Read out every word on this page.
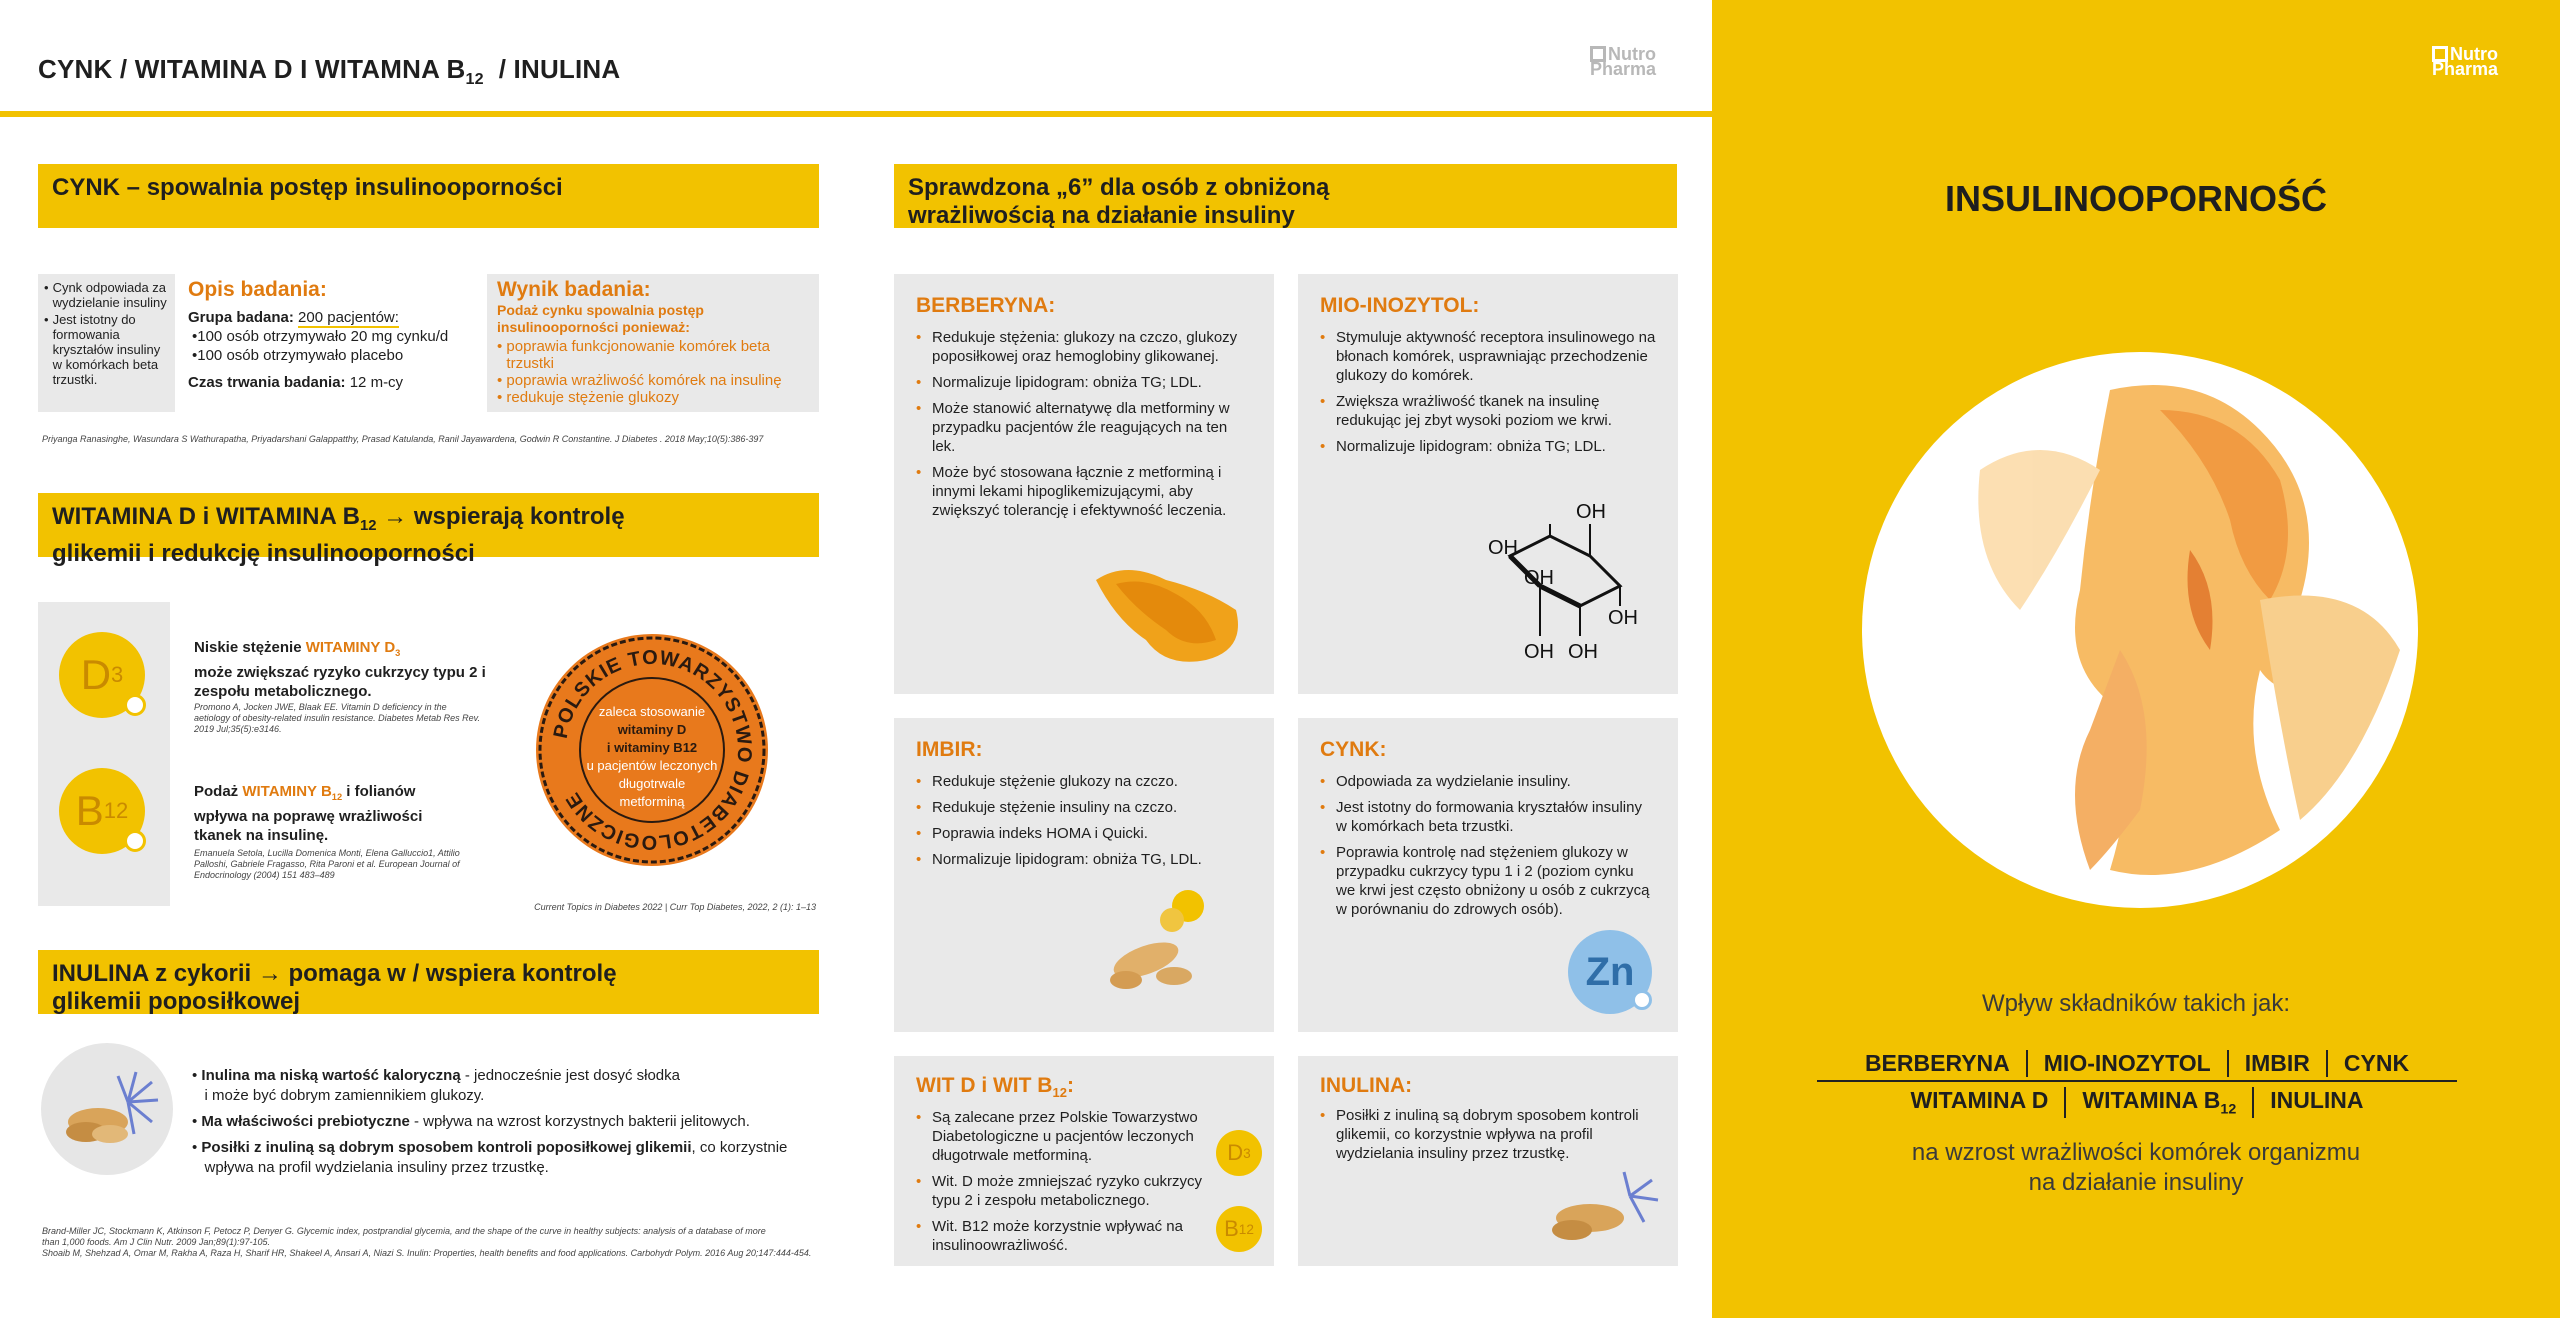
CYNK / WITAMINA D I WITAMNA $B_{12}$  / INULINA	Nutro
Pharma
CYNK – spowalnia postęp insulinooporności
• Cynk odpowiada za wydzielanie insuliny
• Jest istotny do formowania kryształów insuliny w komórkach beta trzustki.
Opis badania:
Grupa badana: 200 pacjentów:
•100 osób otrzymywało 20 mg cynku/d
•100 osób otrzymywało placebo
Czas trwania badania: 12 m-cy
Wynik badania:
Podaż cynku spowalnia postęp insulinooporności ponieważ:
• poprawia funkcjonowanie komórek beta trzustki
• poprawia wrażliwość komórek na insulinę
• redukuje stężenie glukozy
Priyanga Ranasinghe, Wasundara S Wathurapatha, Priyadarshani Galappatthy, Prasad Katulanda, Ranil Jayawardena, Godwin R Constantine. J Diabetes . 2018 May;10(5):386-397
WITAMINA D i WITAMINA $B_{12}$ → wspierają kontrolę
glikemii i redukcję insulinooporności
D 3
B 12
Niskie stężenie WITAMINY $D_3$
może zwiększać ryzyko cukrzycy typu 2 i zespołu metabolicznego.
Promono A, Jocken JWE, Blaak EE. Vitamin D deficiency in the aetiology of obesity-related insulin resistance. Diabetes Metab Res Rev. 2019 Jul;35(5):e3146.
Podaż WITAMINY $B_{12}$ i folianów wpływa na poprawę wrażliwości tkanek na insulinę.
Emanuela Setola, Lucilla Domenica Monti, Elena Galluccio1, Attilio Palloshi, Gabriele Fragasso, Rita Paroni et al. European Journal of Endocrinology (2004) 151 483–489
POLSKIE TOWARZYSTWO DIABETOLOGICZNE
zaleca stosowanie
witaminy D
i witaminy B12
u pacjentów leczonych
długotrwale
metforminą
Current Topics in Diabetes 2022 | Curr Top Diabetes, 2022, 2 (1): 1–13
INULINA z cykorii → pomaga w / wspiera kontrolę
glikemii poposiłkowej
• Inulina ma niską wartość kaloryczną - jednocześnie jest dosyć słodka
i może być dobrym zamiennikiem glukozy.
• Ma właściwości prebiotyczne - wpływa na wzrost korzystnych bakterii jelitowych.
• Posiłki z inuliną są dobrym sposobem kontroli poposiłkowej glikemii, co korzystnie
wpływa na profil wydzielania insuliny przez trzustkę.
Brand-Miller JC, Stockmann K, Atkinson F, Petocz P, Denyer G. Glycemic index, postprandial glycemia, and the shape of the curve in healthy subjects: analysis of a database of more
than 1,000 foods. Am J Clin Nutr. 2009 Jan;89(1):97-105.
Shoaib M, Shehzad A, Omar M, Rakha A, Raza H, Sharif HR, Shakeel A, Ansari A, Niazi S. Inulin: Properties, health benefits and food applications. Carbohydr Polym. 2016 Aug 20;147:444-454.
Sprawdzona „6” dla osób z obniżoną
wrażliwością na działanie insuliny
BERBERYNA:
• Redukuje stężenia: glukozy na czczo, glukozy poposiłkowej oraz hemoglobiny glikowanej.
• Normalizuje lipidogram: obniża TG; LDL.
• Może stanowić alternatywę dla metforminy w przypadku pacjentów źle reagujących na ten lek.
• Może być stosowana łącznie z metforminą i innymi lekami hipoglikemizującymi, aby zwiększyć tolerancję i efektywność leczenia.
MIO-INOZYTOL:
• Stymuluje aktywność receptora insulinowego na błonach komórek, usprawniając przechodzenie glukozy do komórek.
• Zwiększa wrażliwość tkanek na insulinę redukując jej zbyt wysoki poziom we krwi.
• Normalizuje lipidogram: obniża TG; LDL.
OH
OH
OH
OH
OH OH
IMBIR:
• Redukuje stężenie glukozy na czczo.
• Redukuje stężenie insuliny na czczo.
• Poprawia indeks HOMA i Quicki.
• Normalizuje lipidogram: obniża TG, LDL.
CYNK:
• Odpowiada za wydzielanie insuliny.
• Jest istotny do formowania kryształów insuliny w komórkach beta trzustki.
• Poprawia kontrolę nad stężeniem glukozy w przypadku cukrzycy typu 1 i 2 (poziom cynku we krwi jest często obniżony u osób z cukrzycą w porównaniu do zdrowych osób).
Zn
WIT D i WIT $B_{12}$:
• Są zalecane przez Polskie Towarzystwo Diabetologiczne u pacjentów leczonych długotrwale metforminą.
• Wit. D może zmniejszać ryzyko cukrzycy typu 2 i zespołu metabolicznego.
• Wit. B12 może korzystnie wpływać na insulinoowrażliwość.
D 3
B 12
INULINA:
• Posiłki z inuliną są dobrym sposobem kontroli glikemii, co korzystnie wpływa na profil wydzielania insuliny przez trzustkę.
Nutro
Pharma
INSULINOOPORNOŚĆ
Wpływ składników takich jak:
BERBERYNA	MIO-INOZYTOL	IMBIR	CYNK
WITAMINA D	WITAMINA $B_{12}$	INULINA
na wzrost wrażliwości komórek organizmu
na działanie insuliny
